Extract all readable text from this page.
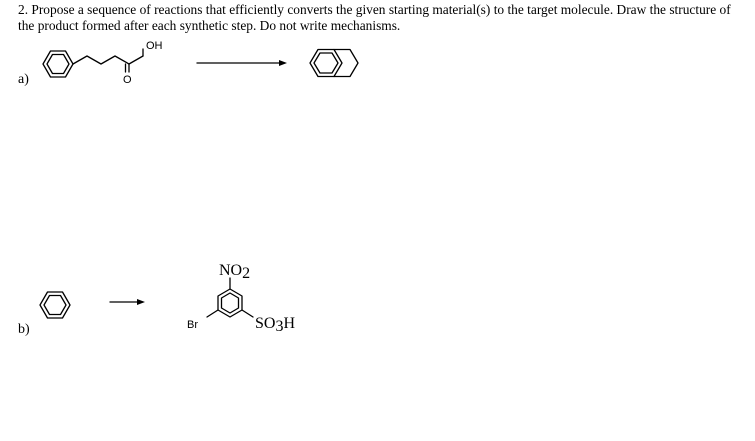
2. Propose a sequence of reactions that efficiently converts the given starting material(s) to the target molecule. Draw the structure of the product formed after each synthetic step. Do not write mechanisms.
a)
b)
OH
O
NO2
Br	SO3H
